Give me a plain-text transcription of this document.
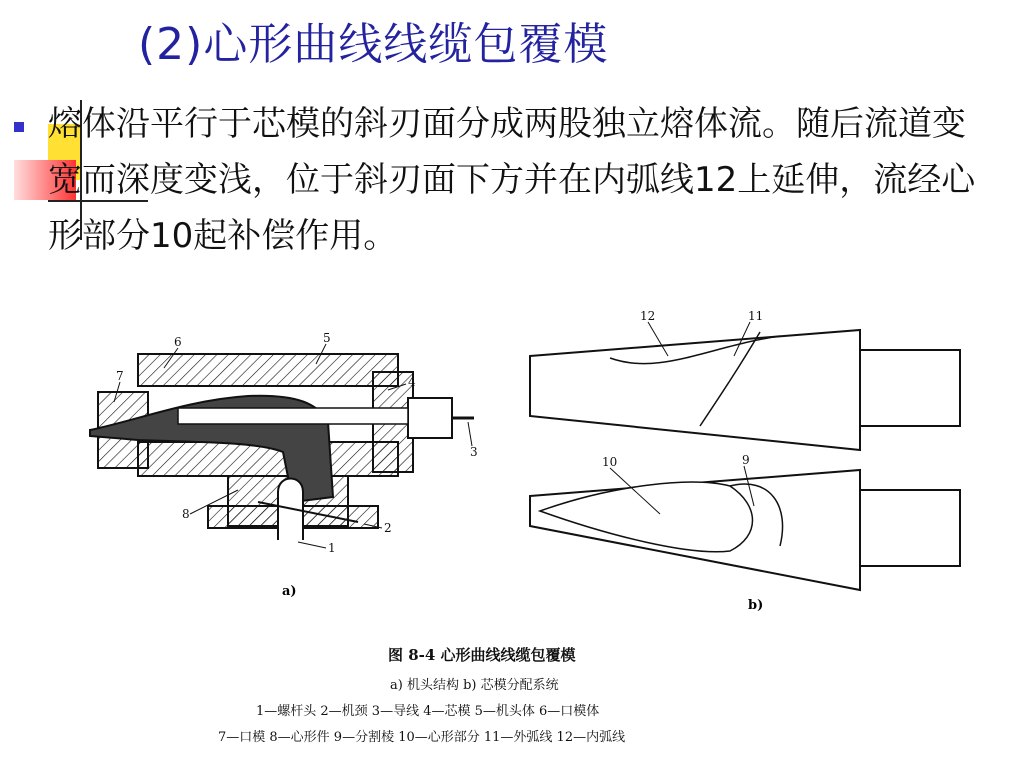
(2)心形曲线线缆包覆模
熔体沿平行于芯模的斜刃面分成两股独立熔体流。随后流道变宽而深度变浅，位于斜刃面下方并在内弧线12上延伸，流经心形部分10起补偿作用。
6	5
4
7
3
8
2
1
a)
12	11
10	9
b)
图 8-4 心形曲线线缆包覆模
a) 机头结构 b) 芯模分配系统
1—螺杆头 2—机颈 3—导线 4—芯模 5—机头体 6—口模体
7—口模 8—心形件 9—分割棱 10—心形部分 11—外弧线 12—内弧线
